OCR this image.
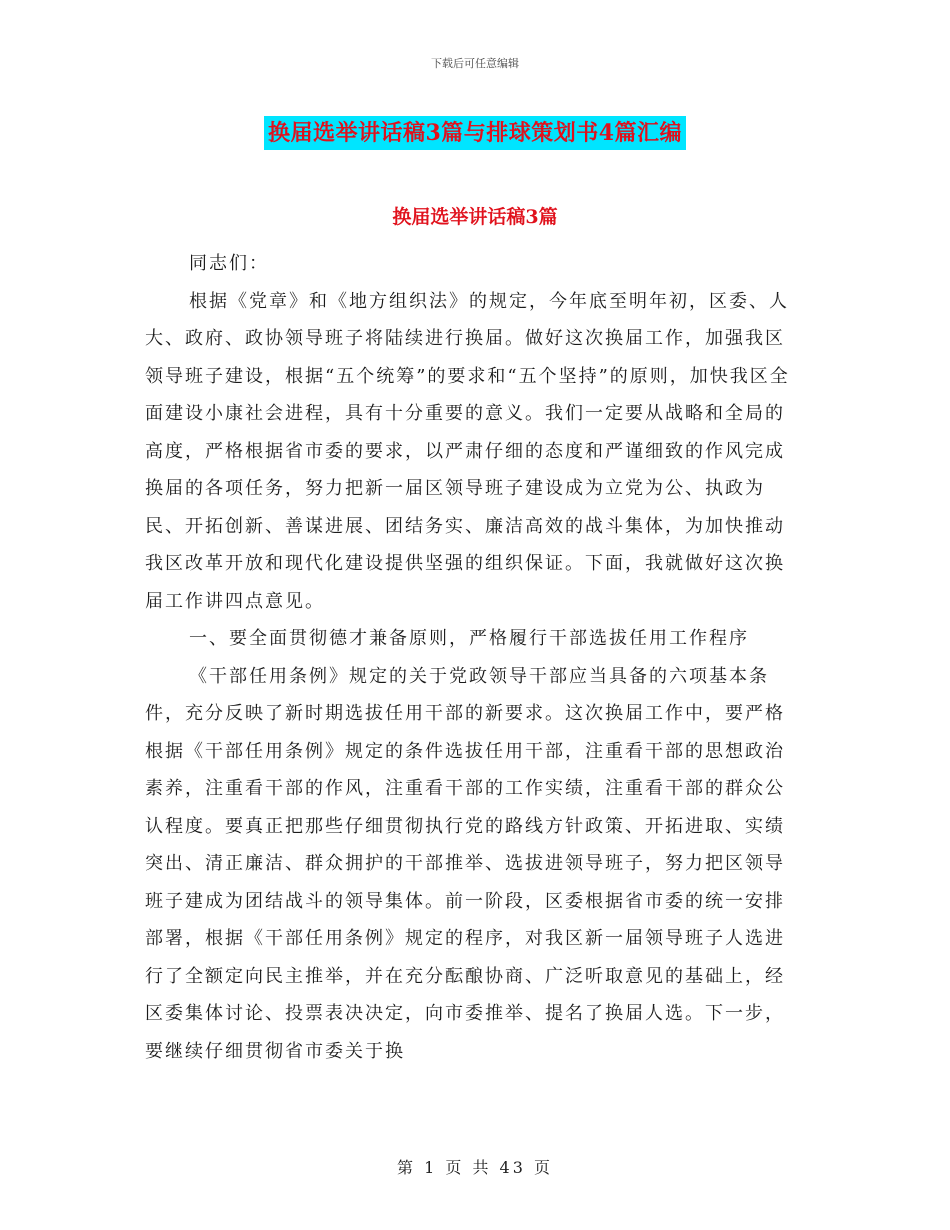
下载后可任意编辑
换届选举讲话稿3篇与排球策划书4篇汇编
换届选举讲话稿3篇

同志们：

根据《党章》和《地方组织法》的规定，今年底至明年初，区委、人大、政府、政协领导班子将陆续进行换届。做好这次换届工作，加强我区领导班子建设，根据“五个统筹”的要求和“五个坚持”的原则，加快我区全面建设小康社会进程，具有十分重要的意义。我们一定要从战略和全局的高度，严格根据省市委的要求，以严肃仔细的态度和严谨细致的作风完成换届的各项任务，努力把新一届区领导班子建设成为立党为公、执政为民、开拓创新、善谋进展、团结务实、廉洁高效的战斗集体，为加快推动我区改革开放和现代化建设提供坚强的组织保证。下面，我就做好这次换届工作讲四点意见。

一、要全面贯彻德才兼备原则，严格履行干部选拔任用工作程序

《干部任用条例》规定的关于党政领导干部应当具备的六项基本条件，充分反映了新时期选拔任用干部的新要求。这次换届工作中，要严格根据《干部任用条例》规定的条件选拔任用干部，注重看干部的思想政治素养，注重看干部的作风，注重看干部的工作实绩，注重看干部的群众公认程度。要真正把那些仔细贯彻执行党的路线方针政策、开拓进取、实绩突出、清正廉洁、群众拥护的干部推举、选拔进领导班子，努力把区领导班子建成为团结战斗的领导集体。前一阶段，区委根据省市委的统一安排部署，根据《干部任用条例》规定的程序，对我区新一届领导班子人选进行了全额定向民主推举，并在充分酝酿协商、广泛听取意见的基础上，经区委集体讨论、投票表决决定，向市委推举、提名了换届人选。下一步，要继续仔细贯彻省市委关于换

第 1 页 共 43 页
